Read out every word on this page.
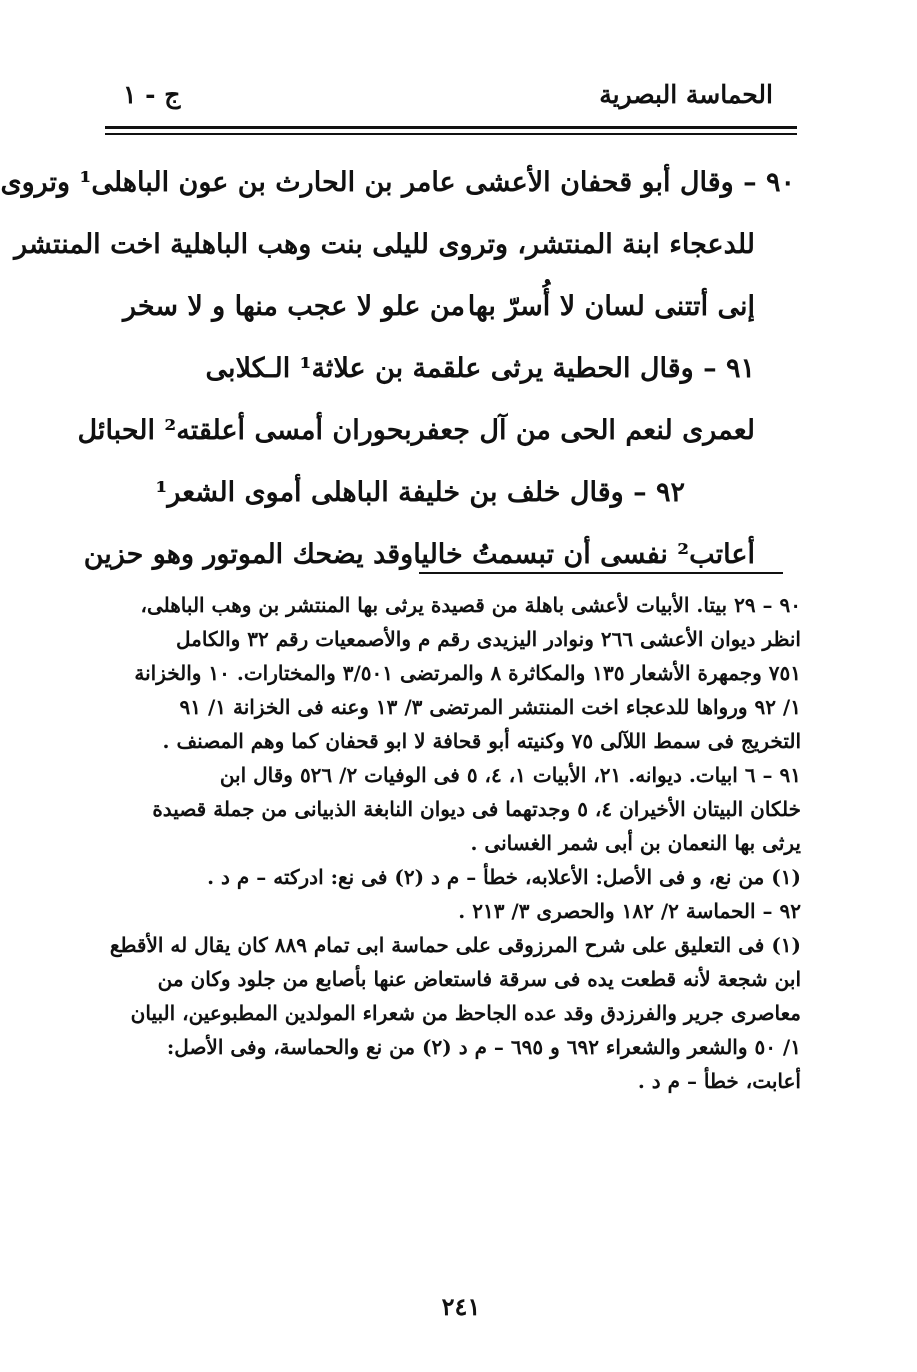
الحماسة البصرية
ج - ١
٩٠ – وقال أبو قحفان الأعشى عامر بن الحارث بن عون الباهلى¹ وتروى
للدعجاء ابنة المنتشر، وتروى لليلى بنت وهب الباهلية اخت المنتشر
إنى أتتنى لسان لا أُسرّ بها
من علو لا عجب منها و لا سخر
٩١ – وقال الحطية يرثى علقمة بن علاثة¹ الـكلابى
لعمرى لنعم الحى من آل جعفر
بحوران أمسى أعلقته² الحبائل
٩٢ – وقال خلف بن خليفة الباهلى أموى الشعر¹
أعاتب² نفسى أن تبسمتُ خاليا
وقد يضحك الموتور وهو حزين
٩٠ – ٢٩ بيتا. الأبيات لأعشى باهلة من قصيدة يرثى بها المنتشر بن وهب الباهلى،
انظر ديوان الأعشى ٢٦٦ ونوادر اليزيدى رقم م والأصمعيات رقم ٣٢ والكامل
٧٥١ وجمهرة الأشعار ١٣٥ والمكاثرة ٨ والمرتضى ٣/٥٠١ والمختارات. ١٠ والخزانة
١/ ٩٢ ورواها للدعجاء اخت المنتشر المرتضى ٣/ ١٣ وعنه فى الخزانة ١/ ٩١
التخريج فى سمط اللآلى ٧٥ وكنيته أبو قحافة لا ابو قحفان كما وهم المصنف .
٩١ – ٦ ابيات. ديوانه. ٢١، الأبيات ١، ٤، ٥ فى الوفيات ٢/ ٥٢٦ وقال ابن
خلكان البيتان الأخيران ٤، ٥ وجدتهما فى ديوان النابغة الذبيانى من جملة قصيدة
يرثى بها النعمان بن أبى شمر الغسانى .
(١) من نع، و فى الأصل: الأعلابه، خطأ – م د (٢) فى نع: ادركته – م د .
٩٢ – الحماسة ٢/ ١٨٢ والحصرى ٣/ ٢١٣ .
(١) فى التعليق على شرح المرزوقى على حماسة ابى تمام ٨٨٩ كان يقال له الأقطع
ابن شجعة لأنه قطعت يده فى سرقة فاستعاض عنها بأصابع من جلود وكان من
معاصرى جرير والفرزدق وقد عده الجاحظ من شعراء المولدين المطبوعين، البيان
١/ ٥٠ والشعر والشعراء ٦٩٢ و ٦٩٥ – م د (٢) من نع والحماسة، وفى الأصل:
أعابت، خطأ – م د .
٢٤١
